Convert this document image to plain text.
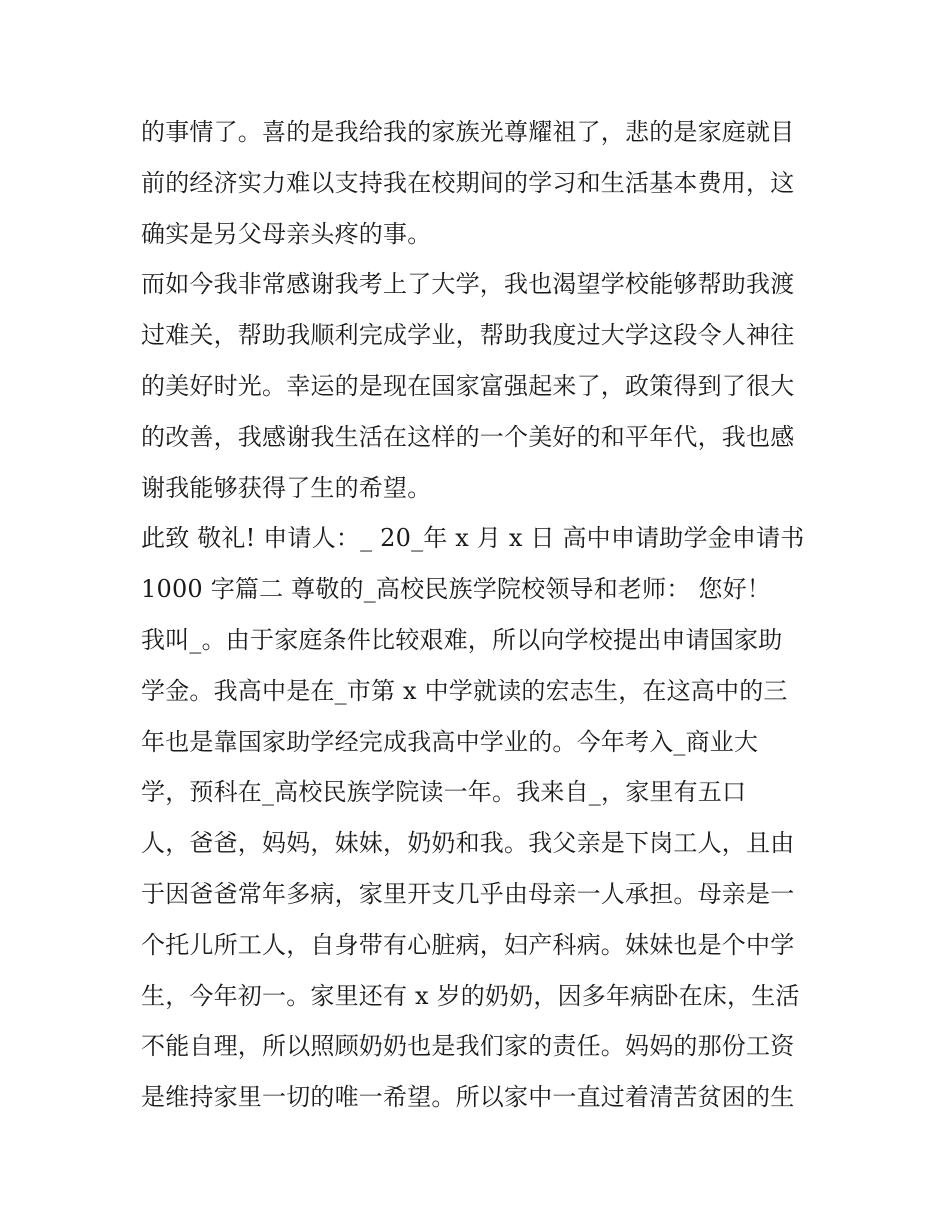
的事情了。喜的是我给我的家族光尊耀祖了，悲的是家庭就目
前的经济实力难以支持我在校期间的学习和生活基本费用，这
确实是另父母亲头疼的事。
而如今我非常感谢我考上了大学，我也渴望学校能够帮助我渡
过难关，帮助我顺利完成学业，帮助我度过大学这段令人神往
的美好时光。幸运的是现在国家富强起来了，政策得到了很大
的改善，我感谢我生活在这样的一个美好的和平年代，我也感
谢我能够获得了生的希望。
此致 敬礼! 申请人：_ 20_年 x 月 x 日 高中申请助学金申请书
1000 字篇二 尊敬的_高校民族学院校领导和老师： 您好！
我叫_。由于家庭条件比较艰难，所以向学校提出申请国家助
学金。我高中是在_市第 x 中学就读的宏志生，在这高中的三
年也是靠国家助学经完成我高中学业的。今年考入_商业大
学，预科在_高校民族学院读一年。我来自_，家里有五口
人，爸爸，妈妈，妹妹，奶奶和我。我父亲是下岗工人，且由
于因爸爸常年多病，家里开支几乎由母亲一人承担。母亲是一
个托儿所工人，自身带有心脏病，妇产科病。妹妹也是个中学
生，今年初一。家里还有 x 岁的奶奶，因多年病卧在床，生活
不能自理，所以照顾奶奶也是我们家的责任。妈妈的那份工资
是维持家里一切的唯一希望。所以家中一直过着清苦贫困的生
